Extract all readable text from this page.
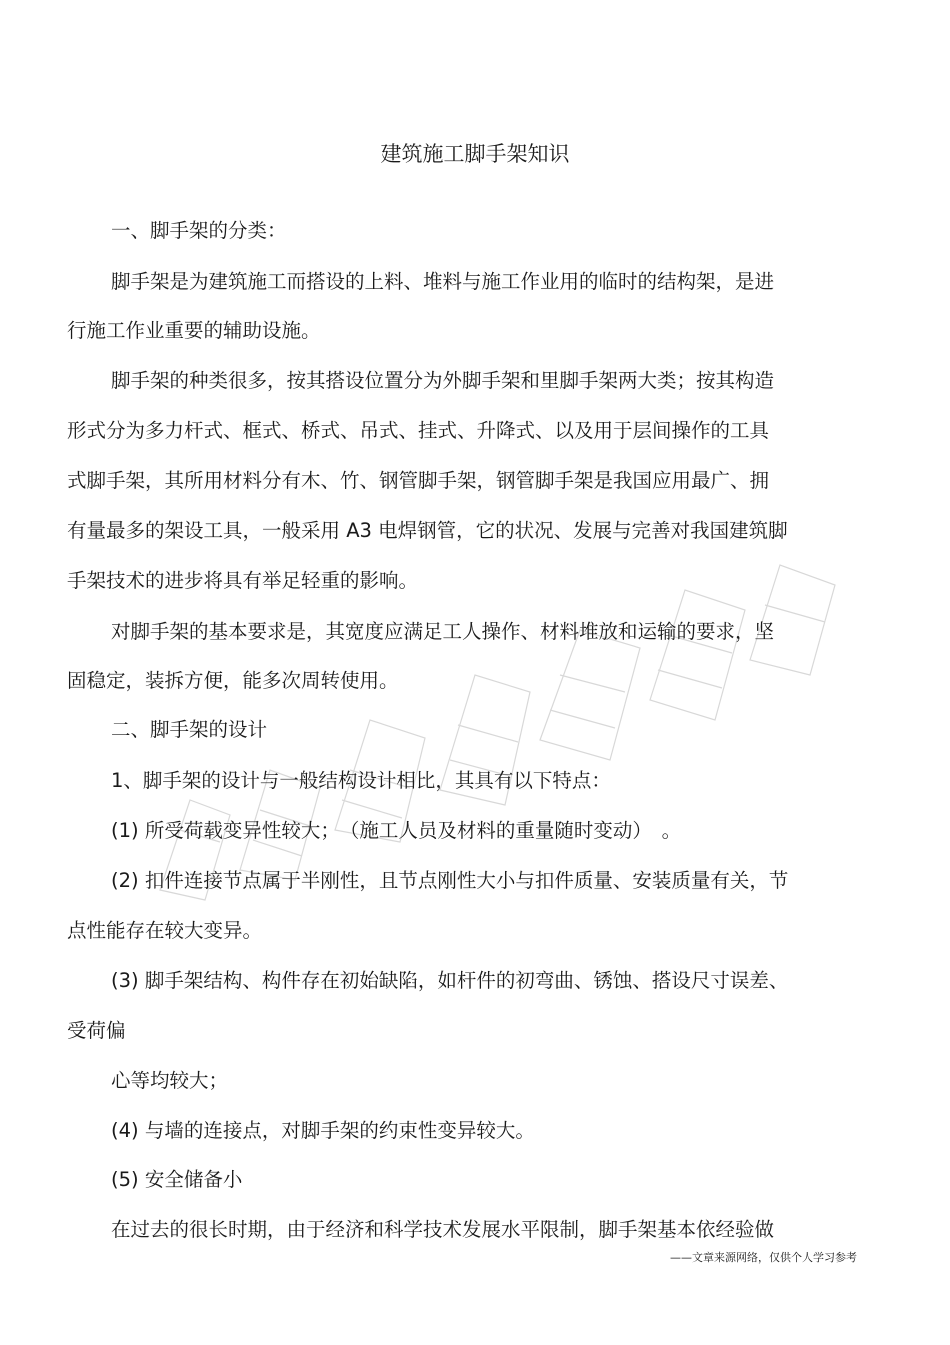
建筑施工脚手架知识
一、脚手架的分类：
脚手架是为建筑施工而搭设的上料、堆料与施工作业用的临时的结构架，是进
行施工作业重要的辅助设施。
脚手架的种类很多，按其搭设位置分为外脚手架和里脚手架两大类；按其构造
形式分为多力杆式、框式、桥式、吊式、挂式、升降式、以及用于层间操作的工具
式脚手架，其所用材料分有木、竹、钢管脚手架，钢管脚手架是我国应用最广、拥
有量最多的架设工具，一般采用 A3 电焊钢管，它的状况、发展与完善对我国建筑脚
手架技术的进步将具有举足轻重的影响。
对脚手架的基本要求是，其宽度应满足工人操作、材料堆放和运输的要求，坚
固稳定，装拆方便，能多次周转使用。
二、脚手架的设计
1、脚手架的设计与一般结构设计相比，其具有以下特点：
(1) 所受荷载变异性较大；　（施工人员及材料的重量随时变动）　。
(2) 扣件连接节点属于半刚性，且节点刚性大小与扣件质量、安装质量有关，节
点性能存在较大变异。
(3) 脚手架结构、构件存在初始缺陷，如杆件的初弯曲、锈蚀、搭设尺寸误差、
受荷偏
心等均较大；
(4) 与墙的连接点，对脚手架的约束性变异较大。
(5) 安全储备小
在过去的很长时期，由于经济和科学技术发展水平限制，脚手架基本依经验做
——文章来源网络，仅供个人学习参考
